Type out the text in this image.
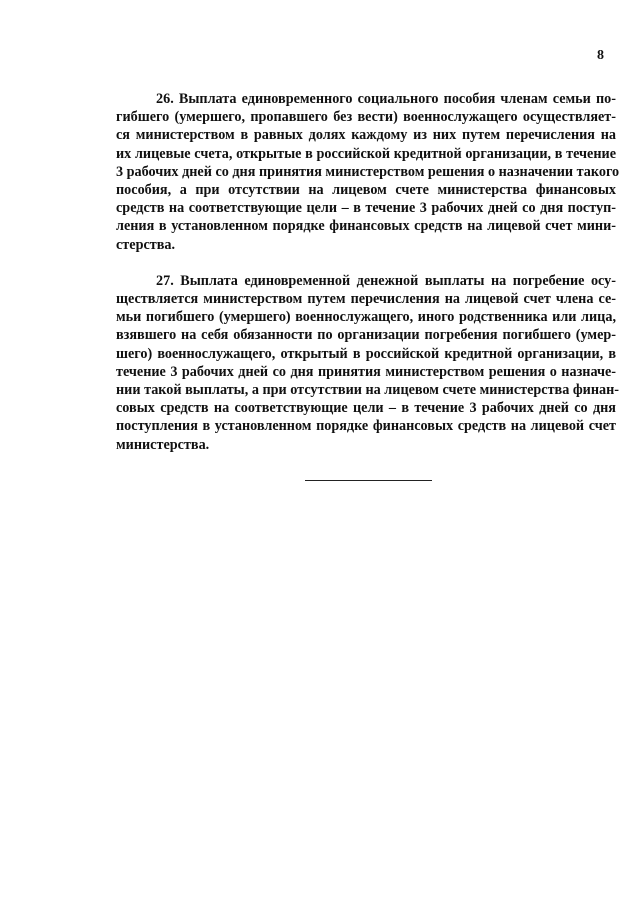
8

26. Выплата единовременного социального пособия членам семьи по-
гибшего (умершего, пропавшего без вести) военнослужащего осуществляет-
ся министерством в равных долях каждому из них путем перечисления на
их лицевые счета, открытые в российской кредитной организации, в течение
3 рабочих дней со дня принятия министерством решения о назначении такого
пособия, а при отсутствии на лицевом счете министерства финансовых
средств на соответствующие цели – в течение 3 рабочих дней со дня поступ-
ления в установленном порядке финансовых средств на лицевой счет мини-
стерства.

27. Выплата единовременной денежной выплаты на погребение осу-
ществляется министерством путем перечисления на лицевой счет члена се-
мьи погибшего (умершего) военнослужащего, иного родственника или лица,
взявшего на себя обязанности по организации погребения погибшего (умер-
шего) военнослужащего, открытый в российской кредитной организации, в
течение 3 рабочих дней со дня принятия министерством решения о назначе-
нии такой выплаты, а при отсутствии на лицевом счете министерства финан-
совых средств на соответствующие цели – в течение 3 рабочих дней со дня
поступления в установленном порядке финансовых средств на лицевой счет
министерства.
